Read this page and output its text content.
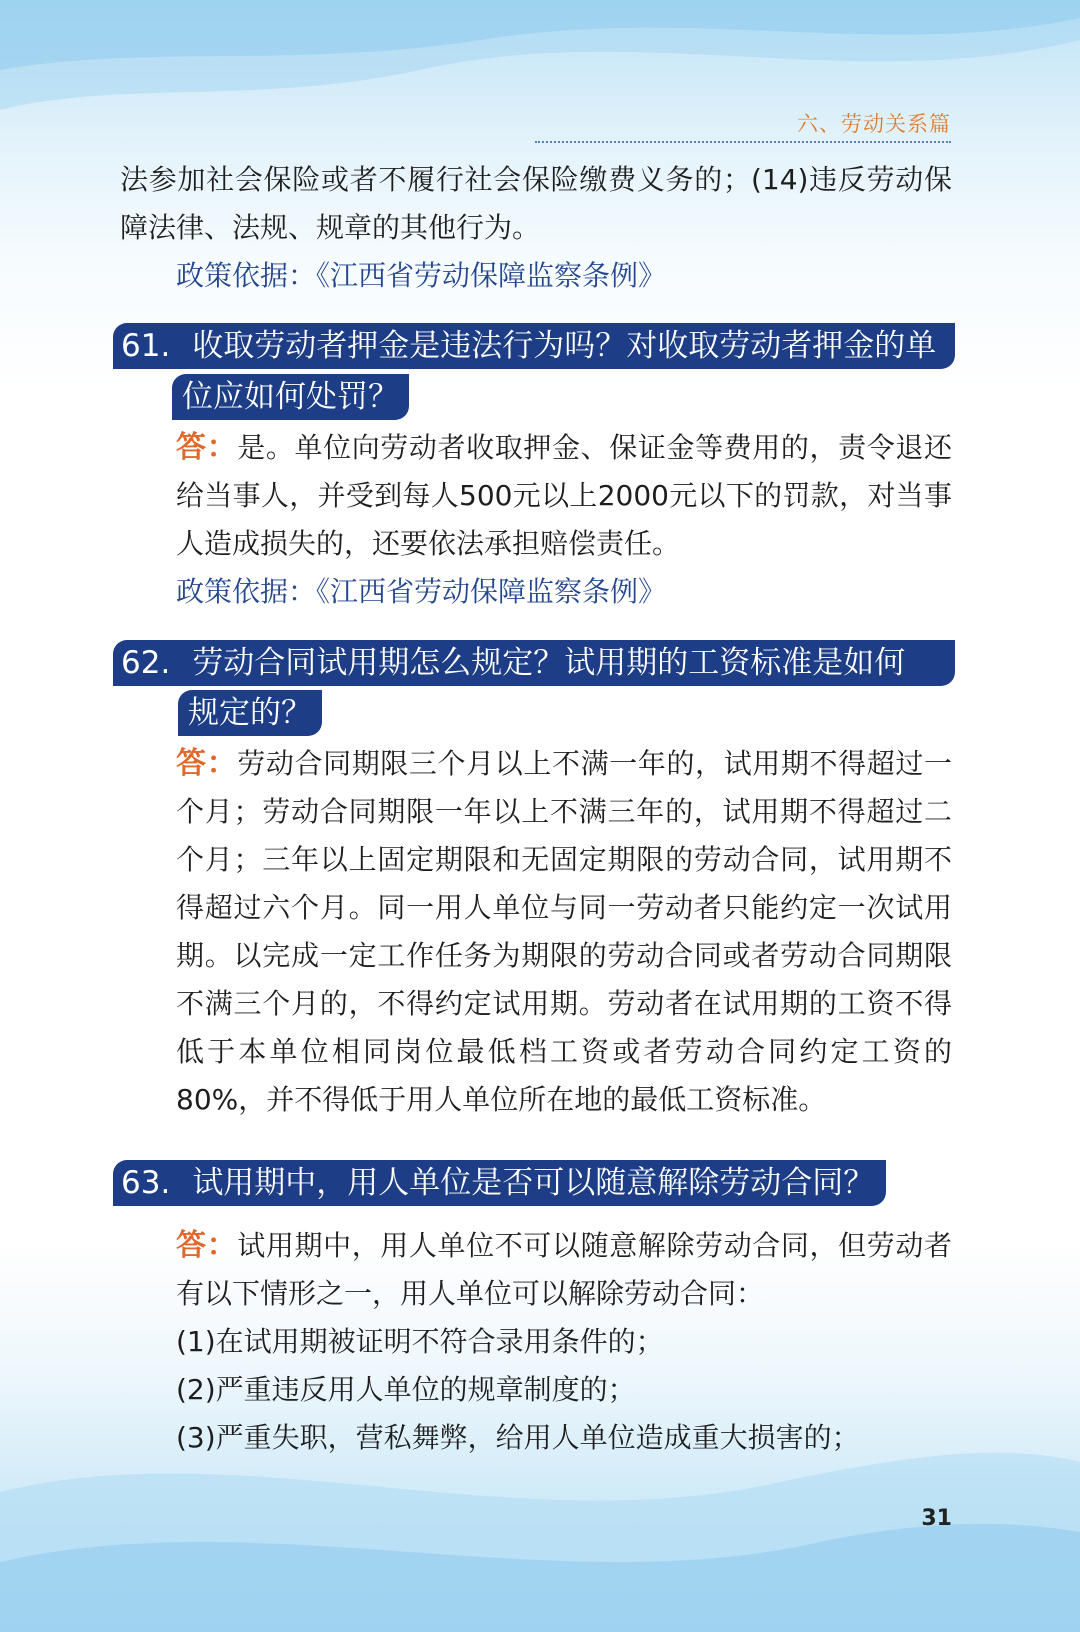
六、劳动关系篇

法参加社会保险或者不履行社会保险缴费义务的；(14)违反劳动保障法律、法规、规章的其他行为。

政策依据：《江西省劳动保障监察条例》

61. 收取劳动者押金是违法行为吗？对收取劳动者押金的单
位应如何处罚？

答：是。单位向劳动者收取押金、保证金等费用的，责令退还给当事人，并受到每人500元以上2000元以下的罚款，对当事人造成损失的，还要依法承担赔偿责任。

政策依据：《江西省劳动保障监察条例》

62. 劳动合同试用期怎么规定？试用期的工资标准是如何
规定的？

答：劳动合同期限三个月以上不满一年的，试用期不得超过一个月；劳动合同期限一年以上不满三年的，试用期不得超过二个月；三年以上固定期限和无固定期限的劳动合同，试用期不得超过六个月。同一用人单位与同一劳动者只能约定一次试用期。以完成一定工作任务为期限的劳动合同或者劳动合同期限不满三个月的，不得约定试用期。劳动者在试用期的工资不得低于本单位相同岗位最低档工资或者劳动合同约定工资的80%，并不得低于用人单位所在地的最低工资标准。

63. 试用期中，用人单位是否可以随意解除劳动合同？

答：试用期中，用人单位不可以随意解除劳动合同，但劳动者有以下情形之一，用人单位可以解除劳动合同：

(1)在试用期被证明不符合录用条件的；

(2)严重违反用人单位的规章制度的；

(3)严重失职，营私舞弊，给用人单位造成重大损害的；

31
